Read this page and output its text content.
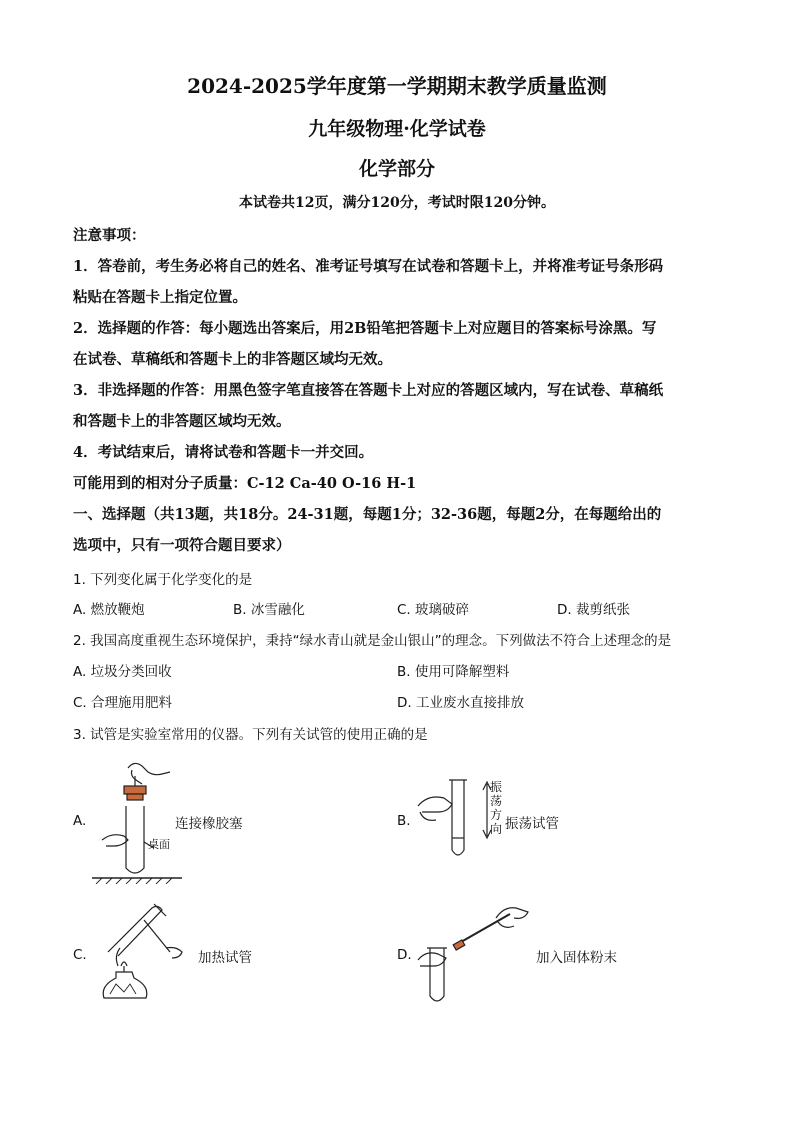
2024-2025学年度第一学期期末教学质量监测
九年级物理·化学试卷
化学部分
本试卷共12页，满分120分，考试时限120分钟。
注意事项：
1．答卷前，考生务必将自己的姓名、准考证号填写在试卷和答题卡上，并将准考证号条形码
粘贴在答题卡上指定位置。
2．选择题的作答：每小题选出答案后，用2B铅笔把答题卡上对应题目的答案标号涂黑。写
在试卷、草稿纸和答题卡上的非答题区域均无效。
3．非选择题的作答：用黑色签字笔直接答在答题卡上对应的答题区域内，写在试卷、草稿纸
和答题卡上的非答题区域均无效。
4．考试结束后，请将试卷和答题卡一并交回。
可能用到的相对分子质量：C-12 Ca-40 O-16 H-1
一、选择题（共13题，共18分。24-31题，每题1分；32-36题，每题2分，在每题给出的
选项中，只有一项符合题目要求）
1. 下列变化属于化学变化的是
A. 燃放鞭炮	B. 冰雪融化	C. 玻璃破碎	D. 裁剪纸张
2. 我国高度重视生态环境保护，秉持“绿水青山就是金山银山”的理念。下列做法不符合上述理念的是
A. 垃圾分类回收	B. 使用可降解塑料
C. 合理施用肥料	D. 工业废水直接排放
3. 试管是实验室常用的仪器。下列有关试管的使用正确的是
A.	连接橡胶塞
桌面
B.
振
荡
方
向 振荡试管
C.	加热试管	D.	加入固体粉末
